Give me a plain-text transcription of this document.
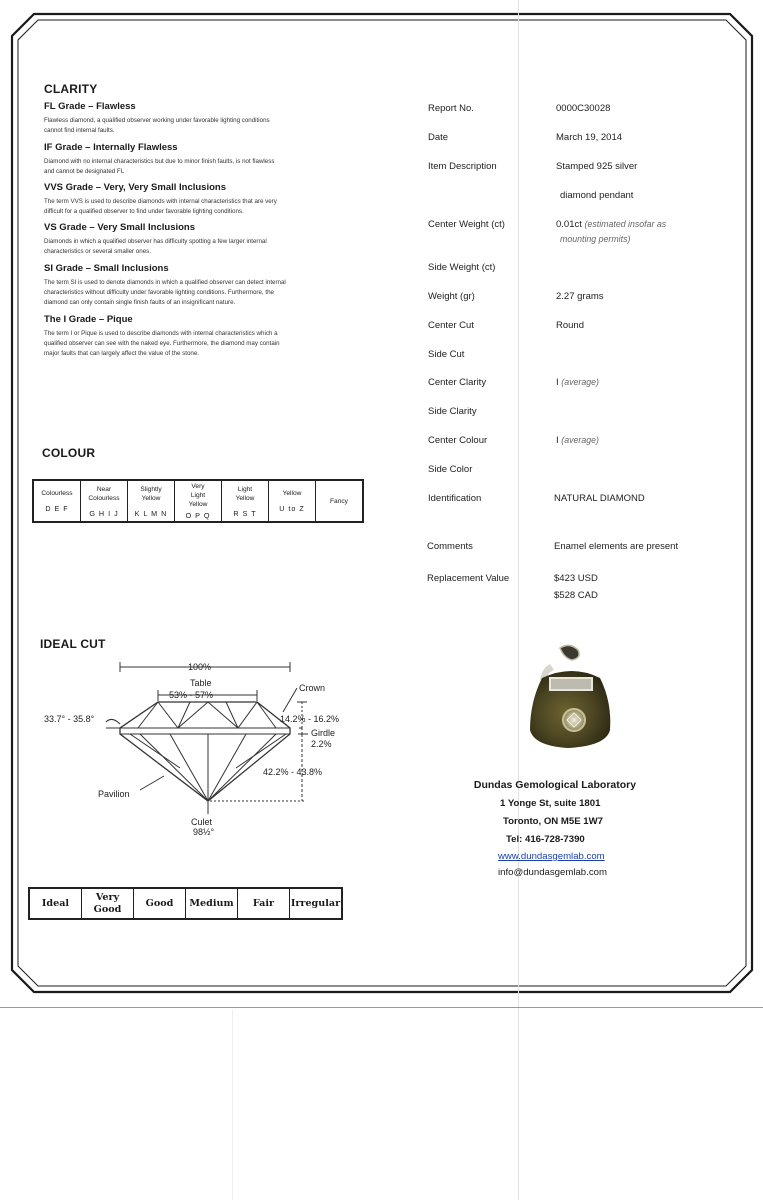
CLARITY
FL Grade – Flawless
Flawless diamond, a qualified observer working under favorable lighting conditions
cannot find internal faults.
IF Grade – Internally Flawless
Diamond with no internal characteristics but due to minor finish faults, is not flawless
and cannot be designated FL
VVS Grade – Very, Very Small Inclusions
The term VVS is used to describe diamonds with internal characteristics that are very
difficult for a qualified observer to find under favorable lighting conditions.
VS Grade – Very Small Inclusions
Diamonds in which a qualified observer has difficulty spotting a few larger internal
characteristics or several smaller ones.
SI Grade – Small Inclusions
The term SI is used to denote diamonds in which a qualified observer can detect internal
characteristics without difficulty under favorable lighting conditions. Furthermore, the
diamond can only contain single finish faults of an insignificant nature.
The I Grade – Pique
The term I or Pique is used to describe diamonds with internal characteristics which a
qualified observer can see with the naked eye. Furthermore, the diamond may contain
major faults that can largely affect the value of the stone.
COLOUR
Colourless
D E F

Near
Colourless
G H I J

Slightly
Yellow
K L M N

Very
Light
Yellow
O P Q

Light
Yellow
R S T

Yellow
U to Z

Fancy
IDEAL CUT
100%
Table
53% - 57%
Crown
33.7° - 35.8°	14.2% - 16.2%
Girdle
2.2%
42.2% - 43.8%
Pavilion
Culet
98½°
Ideal

Very
Good

Good	Medium	Fair	Irregular
Report No.	0000C30028
Date	March 19, 2014
Item Description	Stamped 925 silver
diamond pendant
Center Weight (ct)	0.01ct (estimated insofar as
mounting permits)
Side Weight (ct)
Weight (gr)	2.27 grams
Center Cut	Round
Side Cut
Center Clarity	I (average)
Side Clarity
Center Colour	I (average)
Side Color
Identification	NATURAL DIAMOND
Comments	Enamel elements are present
Replacement Value	$423 USD
$528 CAD
Dundas Gemological Laboratory
1 Yonge St, suite 1801
Toronto, ON M5E 1W7
Tel: 416-728-7390
www.dundasgemlab.com
info@dundasgemlab.com
